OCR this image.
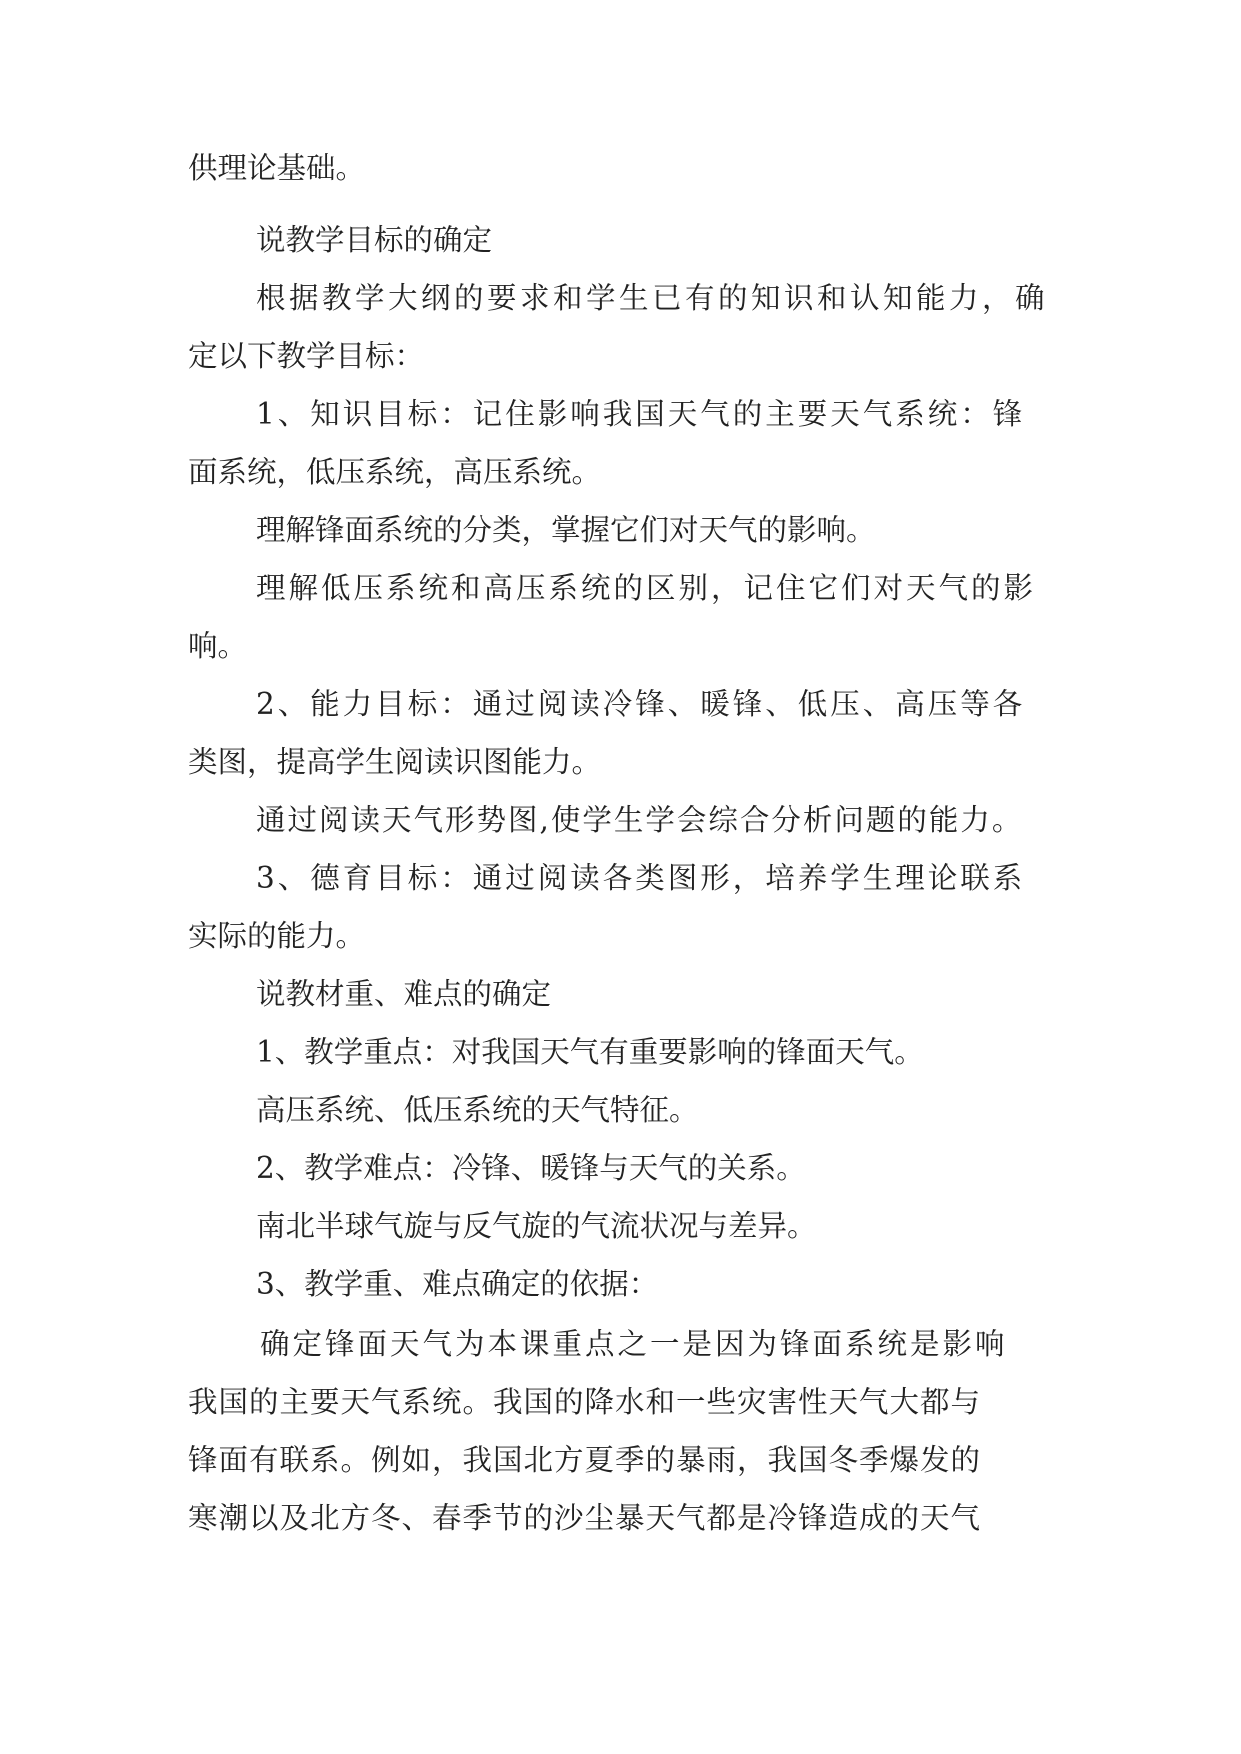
供理论基础。
说教学目标的确定
根据教学大纲的要求和学生已有的知识和认知能力，确
定以下教学目标：
1、知识目标：记住影响我国天气的主要天气系统：锋
面系统，低压系统，高压系统。
理解锋面系统的分类，掌握它们对天气的影响。
理解低压系统和高压系统的区别，记住它们对天气的影
响。
2、能力目标：通过阅读冷锋、暖锋、低压、高压等各
类图，提高学生阅读识图能力。
通过阅读天气形势图,使学生学会综合分析问题的能力。
3、德育目标：通过阅读各类图形，培养学生理论联系
实际的能力。
说教材重、难点的确定
1、教学重点：对我国天气有重要影响的锋面天气。
高压系统、低压系统的天气特征。
2、教学难点：冷锋、暖锋与天气的关系。
南北半球气旋与反气旋的气流状况与差异。
3、教学重、难点确定的依据：
确定锋面天气为本课重点之一是因为锋面系统是影响
我国的主要天气系统。我国的降水和一些灾害性天气大都与
锋面有联系。例如，我国北方夏季的暴雨，我国冬季爆发的
寒潮以及北方冬、春季节的沙尘暴天气都是冷锋造成的天气
